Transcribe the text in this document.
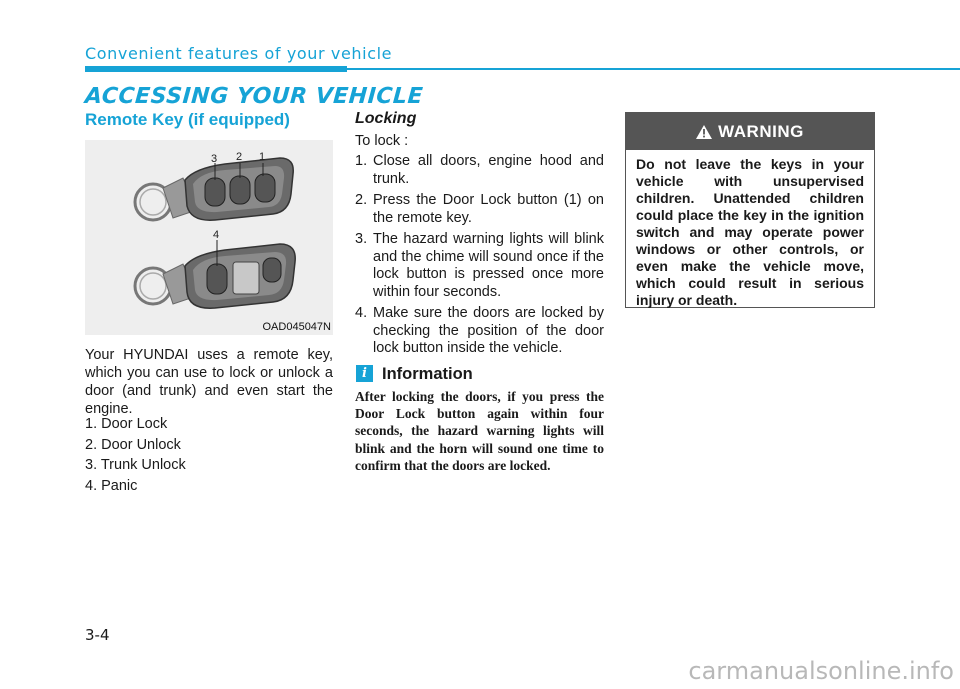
Convenient features of your vehicle
ACCESSING YOUR VEHICLE
Remote Key (if equipped)
3 2 1
4
OAD045047N
Your HYUNDAI uses a remote key, which you can use to lock or unlock a door (and trunk) and even start the engine.
1. Door Lock
2. Door Unlock
3. Trunk Unlock
4. Panic
Locking
To lock :
1. Close all doors, engine hood and trunk.
2. Press the Door Lock button (1) on the remote key.
3. The hazard warning lights will blink and the chime will sound once if the lock button is pressed once more within four seconds.
4. Make sure the doors are locked by checking the position of the door lock button inside the vehicle.
i Information
After locking the doors, if you press the Door Lock button again within four seconds, the hazard warning lights will blink and the horn will sound one time to confirm that the doors are locked.
WARNING
Do not leave the keys in your vehicle with unsupervised children. Unattended children could place the key in the ignition switch and may operate power windows or other controls, or even make the vehicle move, which could result in serious injury or death.
3-4
carmanualsonline.info
